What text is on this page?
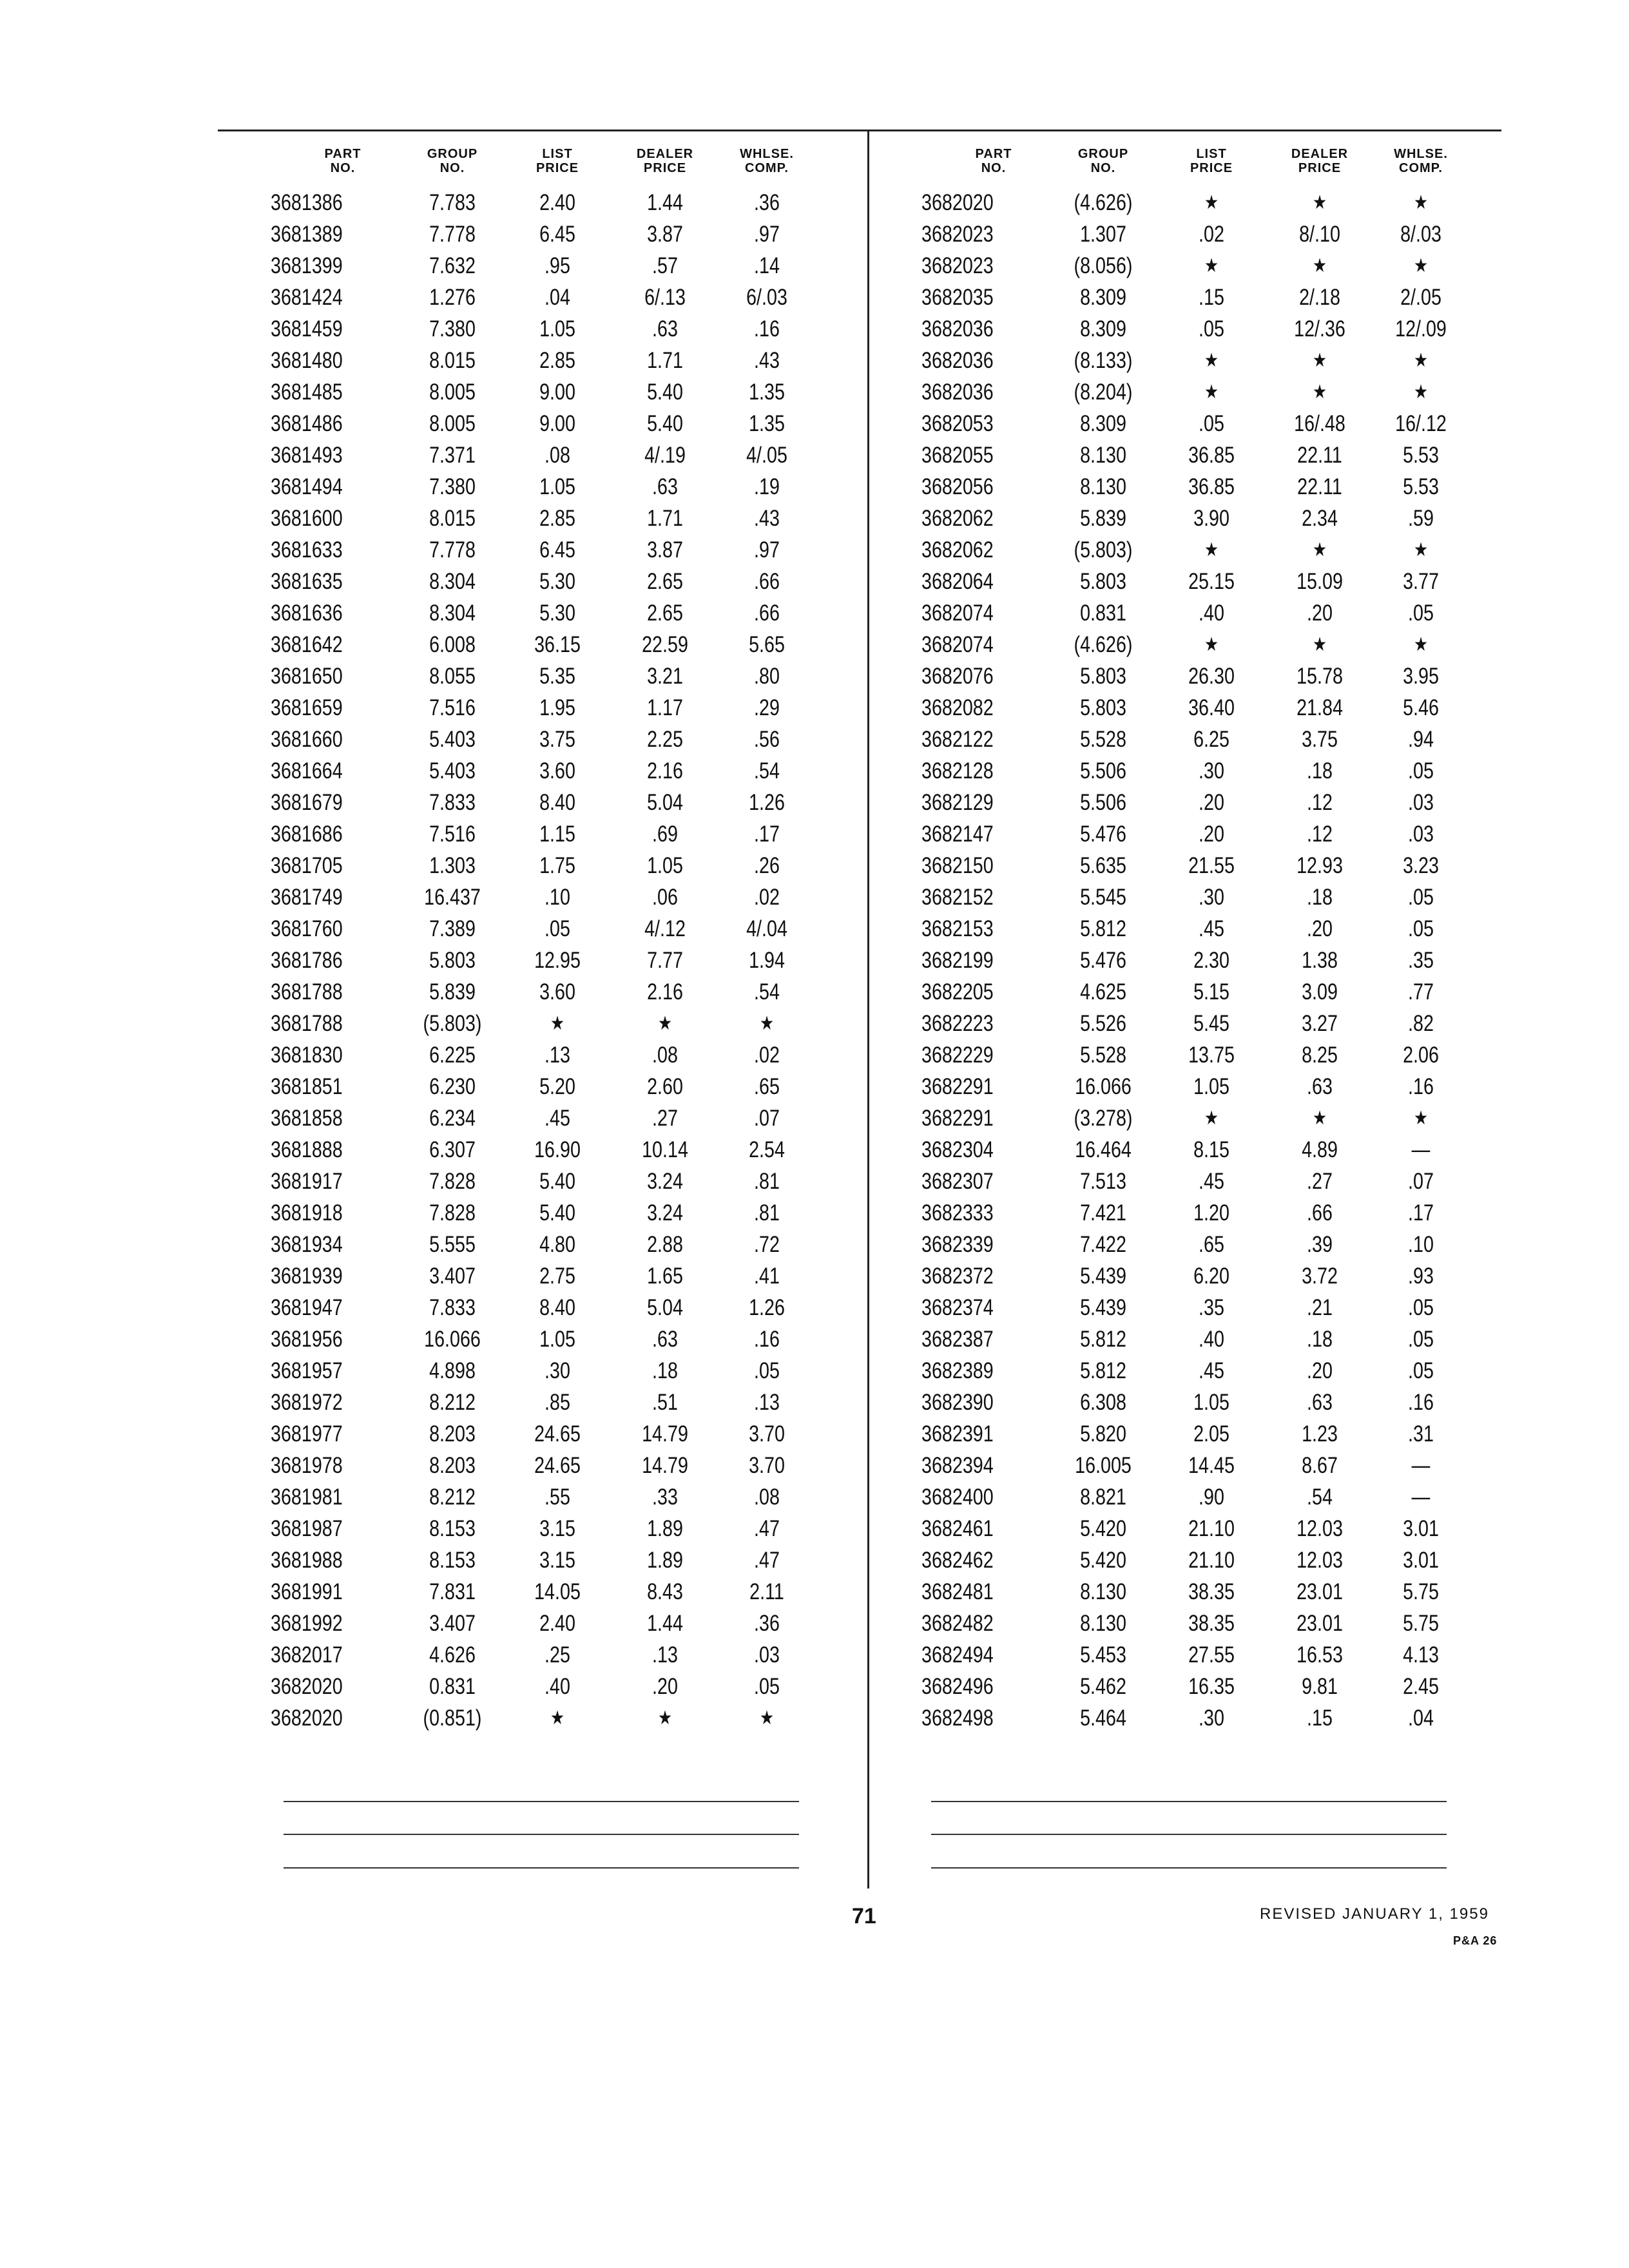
PART
NO.
GROUP
NO.
LIST
PRICE
DEALER
PRICE
WHLSE.
COMP.
3681386	7.783	2.40	1.44	.36
3681389	7.778	6.45	3.87	.97
3681399	7.632	.95	.57	.14
3681424	1.276	.04	6/.13	6/.03
3681459	7.380	1.05	.63	.16
3681480	8.015	2.85	1.71	.43
3681485	8.005	9.00	5.40	1.35
3681486	8.005	9.00	5.40	1.35
3681493	7.371	.08	4/.19	4/.05
3681494	7.380	1.05	.63	.19
3681600	8.015	2.85	1.71	.43
3681633	7.778	6.45	3.87	.97
3681635	8.304	5.30	2.65	.66
3681636	8.304	5.30	2.65	.66
3681642	6.008	36.15	22.59	5.65
3681650	8.055	5.35	3.21	.80
3681659	7.516	1.95	1.17	.29
3681660	5.403	3.75	2.25	.56
3681664	5.403	3.60	2.16	.54
3681679	7.833	8.40	5.04	1.26
3681686	7.516	1.15	.69	.17
3681705	1.303	1.75	1.05	.26
3681749	16.437	.10	.06	.02
3681760	7.389	.05	4/.12	4/.04
3681786	5.803	12.95	7.77	1.94
3681788	5.839	3.60	2.16	.54
3681788	(5.803)	★	★	★
3681830	6.225	.13	.08	.02
3681851	6.230	5.20	2.60	.65
3681858	6.234	.45	.27	.07
3681888	6.307	16.90	10.14	2.54
3681917	7.828	5.40	3.24	.81
3681918	7.828	5.40	3.24	.81
3681934	5.555	4.80	2.88	.72
3681939	3.407	2.75	1.65	.41
3681947	7.833	8.40	5.04	1.26
3681956	16.066	1.05	.63	.16
3681957	4.898	.30	.18	.05
3681972	8.212	.85	.51	.13
3681977	8.203	24.65	14.79	3.70
3681978	8.203	24.65	14.79	3.70
3681981	8.212	.55	.33	.08
3681987	8.153	3.15	1.89	.47
3681988	8.153	3.15	1.89	.47
3681991	7.831	14.05	8.43	2.11
3681992	3.407	2.40	1.44	.36
3682017	4.626	.25	.13	.03
3682020	0.831	.40	.20	.05
3682020	(0.851)	★	★	★
PART
NO.
GROUP
NO.
LIST
PRICE
DEALER
PRICE
WHLSE.
COMP.
3682020	(4.626)	★	★	★
3682023	1.307	.02	8/.10	8/.03
3682023	(8.056)	★	★	★
3682035	8.309	.15	2/.18	2/.05
3682036	8.309	.05	12/.36 12/.09
3682036	(8.133)	★	★	★
3682036	(8.204)	★	★	★
3682053	8.309	.05	16/.48 16/.12
3682055	8.130	36.85	22.11	5.53
3682056	8.130	36.85	22.11	5.53
3682062	5.839	3.90	2.34	.59
3682062	(5.803)	★	★	★
3682064	5.803	25.15	15.09	3.77
3682074	0.831	.40	.20	.05
3682074	(4.626)	★	★	★
3682076	5.803	26.30	15.78	3.95
3682082	5.803	36.40	21.84	5.46
3682122	5.528	6.25	3.75	.94
3682128	5.506	.30	.18	.05
3682129	5.506	.20	.12	.03
3682147	5.476	.20	.12	.03
3682150	5.635	21.55	12.93	3.23
3682152	5.545	.30	.18	.05
3682153	5.812	.45	.20	.05
3682199	5.476	2.30	1.38	.35
3682205	4.625	5.15	3.09	.77
3682223	5.526	5.45	3.27	.82
3682229	5.528	13.75	8.25	2.06
3682291	16.066	1.05	.63	.16
3682291	(3.278)	★	★	★
3682304	16.464	8.15	4.89	—
3682307	7.513	.45	.27	.07
3682333	7.421	1.20	.66	.17
3682339	7.422	.65	.39	.10
3682372	5.439	6.20	3.72	.93
3682374	5.439	.35	.21	.05
3682387	5.812	.40	.18	.05
3682389	5.812	.45	.20	.05
3682390	6.308	1.05	.63	.16
3682391	5.820	2.05	1.23	.31
3682394	16.005	14.45	8.67	—
3682400	8.821	.90	.54	—
3682461	5.420	21.10	12.03	3.01
3682462	5.420	21.10	12.03	3.01
3682481	8.130	38.35	23.01	5.75
3682482	8.130	38.35	23.01	5.75
3682494	5.453	27.55	16.53	4.13
3682496	5.462	16.35	9.81	2.45
3682498	5.464	.30	.15	.04
71	REVISED JANUARY 1, 1959
P&A 26
